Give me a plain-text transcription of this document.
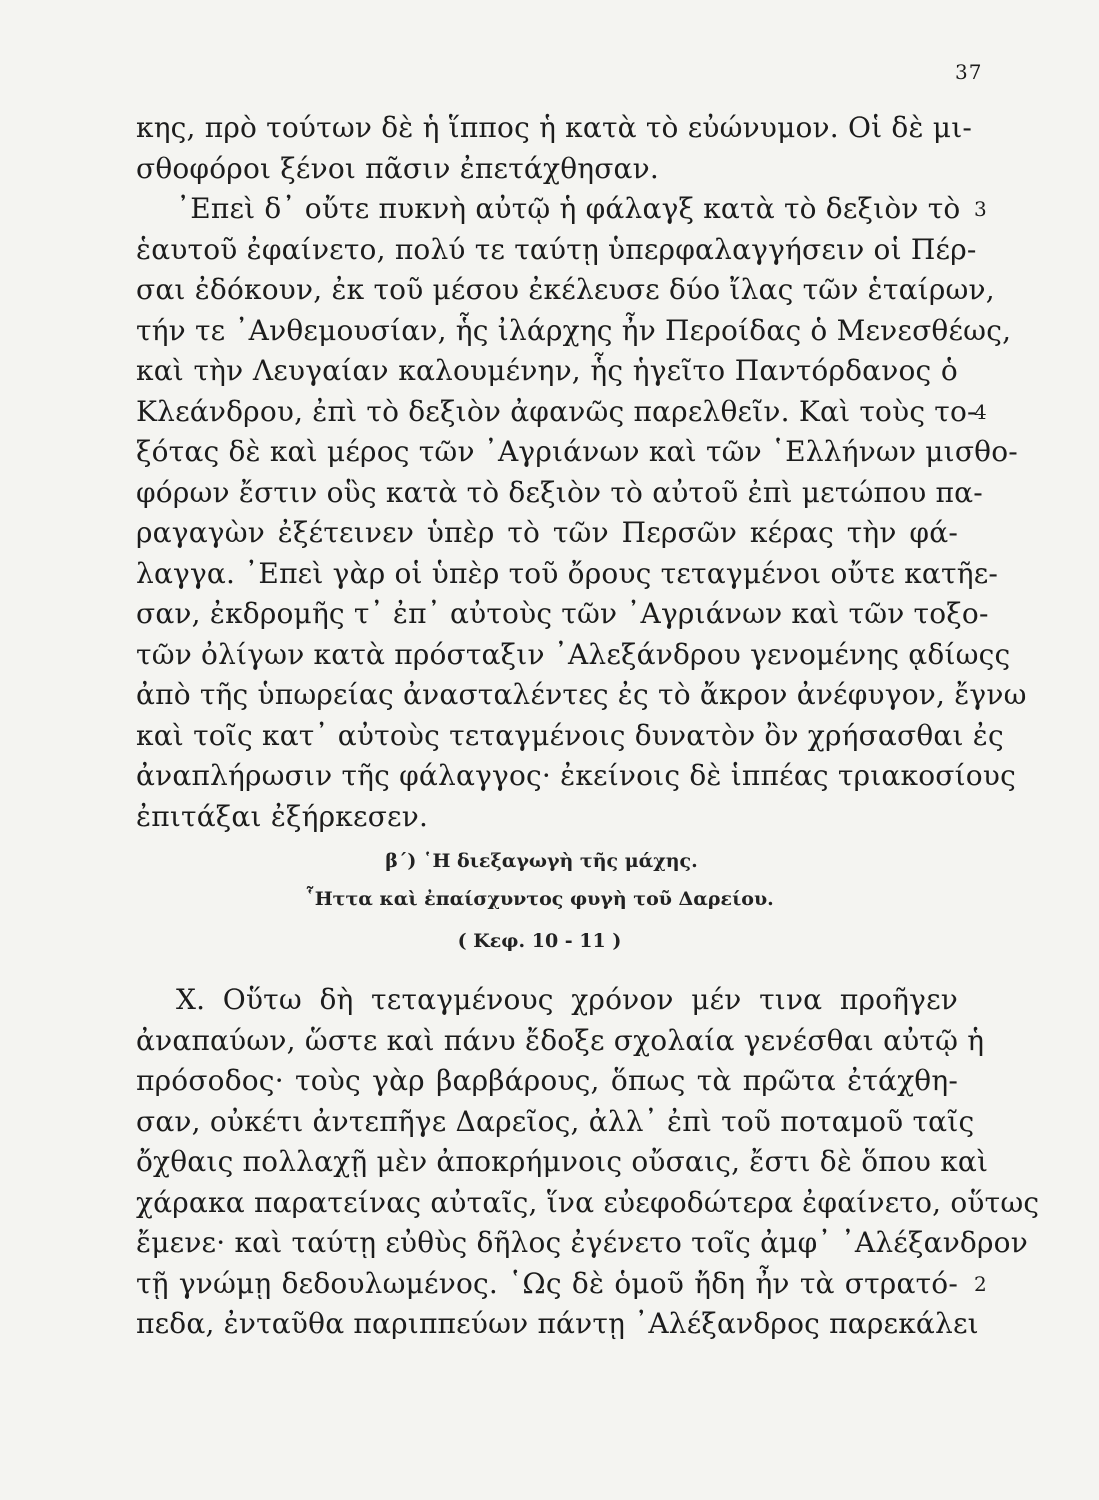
37
κης, πρὸ τούτων δὲ ἡ ἵππος ἡ κατὰ τὸ εὐώνυμον. Οἱ δὲ μι-
σθοφόροι ξένοι πᾶσιν ἐπετάχθησαν.
᾿Επεὶ δ᾿ οὔτε πυκνὴ αὐτῷ ἡ φάλαγξ κατὰ τὸ δεξιὸν τὸ 3
ἑαυτοῦ ἐφαίνετο, πολύ τε ταύτῃ ὑπερφαλαγγήσειν οἱ Πέρ-
σαι ἐδόκουν, ἐκ τοῦ μέσου ἐκέλευσε δύο ἴλας τῶν ἑταίρων,
τήν τε ᾿Ανθεμουσίαν, ἧς ἰλάρχης ἦν Περοίδας ὁ Μενεσθέως,
καὶ τὴν Λευγαίαν καλουμένην, ἧς ἡγεῖτο Παντόρδανος ὁ
Κλεάνδρου, ἐπὶ τὸ δεξιὸν ἀφανῶς παρελθεῖν. Καὶ τοὺς το-
4
ξότας δὲ καὶ μέρος τῶν ᾿Αγριάνων καὶ τῶν ῾Ελλήνων μισθο-
φόρων ἔστιν οὓς κατὰ τὸ δεξιὸν τὸ αὐτοῦ ἐπὶ μετώπου πα-
ραγαγὼν ἐξέτεινεν ὑπὲρ τὸ τῶν Περσῶν κέρας τὴν φά-
λαγγα. ᾿Επεὶ γὰρ οἱ ὑπὲρ τοῦ ὄρους τεταγμένοι οὔτε κατῆε-
σαν, ἐκδρομῆς τ᾿ ἐπ᾿ αὐτοὺς τῶν ᾿Αγριάνων καὶ τῶν τοξο-
τῶν ὀλίγων κατὰ πρόσταξιν ᾿Αλεξάνδρου γενομένης ᾳδίωςς
ἀπὸ τῆς ὑπωρείας ἀνασταλέντες ἐς τὸ ἄκρον ἀνέφυγον, ἔγνω
καὶ τοῖς κατ᾿ αὐτοὺς τεταγμένοις δυνατὸν ὂν χρήσασθαι ἐς
ἀναπλήρωσιν τῆς φάλαγγος· ἐκείνοις δὲ ἱππέας τριακοσίους
ἐπιτάξαι ἐξήρκεσεν.
β´) ῾Η διεξαγωγὴ τῆς μάχης.
῟Ηττα καὶ ἐπαίσχυντος φυγὴ τοῦ Δαρείου.
( Κεφ. 10 - 11 )
X. Οὕτω δὴ τεταγμένους χρόνον μέν τινα προῆγεν
ἀναπαύων, ὥστε καὶ πάνυ ἔδοξε σχολαία γενέσθαι αὐτῷ ἡ
πρόσοδος· τοὺς γὰρ βαρβάρους, ὅπως τὰ πρῶτα ἐτάχθη-
σαν, οὐκέτι ἀντεπῆγε Δαρεῖος, ἀλλ᾿ ἐπὶ τοῦ ποταμοῦ ταῖς
ὄχθαις πολλαχῇ μὲν ἀποκρήμνοις οὔσαις, ἔστι δὲ ὅπου καὶ
χάρακα παρατείνας αὐταῖς, ἵνα εὐεφοδώτερα ἐφαίνετο, οὕτως
ἔμενε· καὶ ταύτῃ εὐθὺς δῆλος ἐγένετο τοῖς ἀμφ᾿ ᾿Αλέξανδρον
τῇ γνώμῃ δεδουλωμένος. ῾Ως δὲ ὁμοῦ ἤδη ἦν τὰ στρατό- 2
πεδα, ἐνταῦθα παριππεύων πάντῃ ᾿Αλέξανδρος παρεκάλει
